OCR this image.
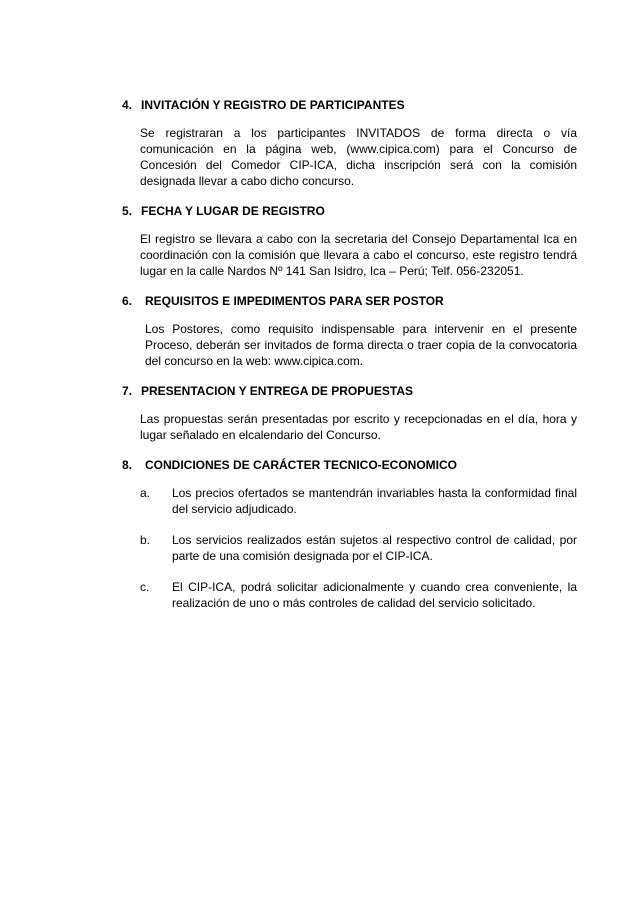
4. INVITACIÓN Y REGISTRO DE PARTICIPANTES

Se registraran a los participantes INVITADOS de forma directa o vía comunicación en la página web, (www.cipica.com) para el Concurso de Concesión del Comedor CIP-ICA, dicha inscripción será con la comisión designada llevar a cabo dicho concurso.

5. FECHA Y LUGAR DE REGISTRO

El registro se llevara a cabo con la secretaria del Consejo Departamental Ica en coordinación con la comisión que llevara a cabo el concurso, este registro tendrá lugar en la calle Nardos Nº 141 San Isidro, Ica – Perú; Telf. 056-232051.

6. REQUISITOS E IMPEDIMENTOS PARA SER POSTOR

Los Postores, como requisito indispensable para intervenir en el presente Proceso, deberán ser invitados de forma directa o traer copia de la convocatoria del concurso en la web: www.cipica.com.

7. PRESENTACION Y ENTREGA DE PROPUESTAS

Las propuestas serán presentadas por escrito y recepcionadas en el día, hora y lugar señalado en elcalendario del Concurso.

8. CONDICIONES DE CARÁCTER TECNICO-ECONOMICO
a.	Los precios ofertados se mantendrán invariables hasta la conformidad final del servicio adjudicado.
b.	Los servicios realizados están sujetos al respectivo control de calidad, por parte de una comisión designada por el CIP-ICA.
c.	El CIP-ICA, podrá solicitar adicionalmente y cuando crea conveniente, la realización de uno o más controles de calidad del servicio solicitado.
